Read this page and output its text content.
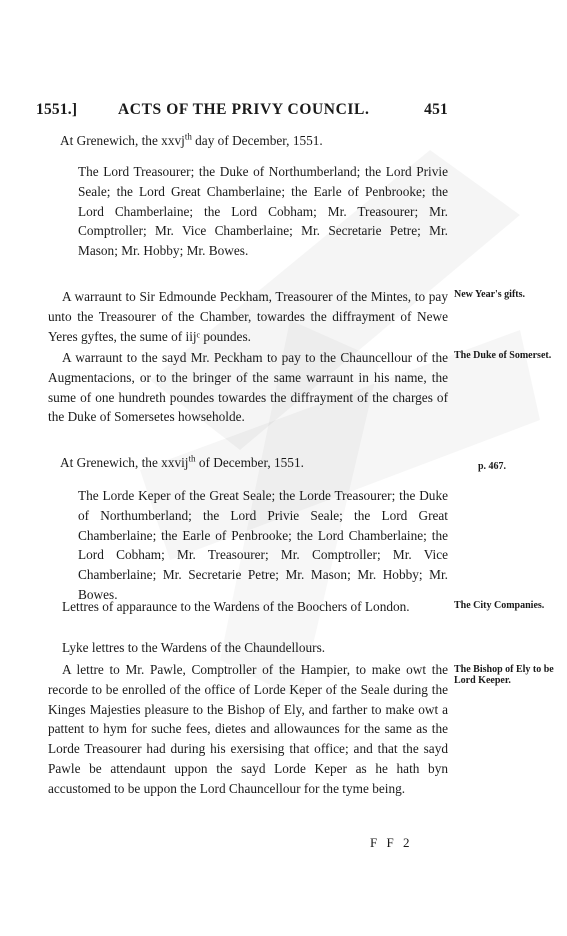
1551.]	ACTS OF THE PRIVY COUNCIL.	451
At Grenewich, the xxvj$^{th}$ day of December, 1551.
The Lord Treasourer; the Duke of Northumberland; the Lord Privie Seale; the Lord Great Chamberlaine; the Earle of Penbrooke; the Lord Chamberlaine; the Lord Cobham; Mr. Treasourer; Mr. Comptroller; Mr. Vice Chamberlaine; Mr. Secretarie Petre; Mr. Mason; Mr. Hobby; Mr. Bowes.
A warraunt to Sir Edmounde Peckham, Treasourer of the Mintes, to pay unto the Treasourer of the Chamber, towardes the diffrayment of Newe Yeres gyftes, the sume of iijᶜ poundes.
New Year's gifts.
A warraunt to the sayd Mr. Peckham to pay to the Chauncellour of the Augmentacions, or to the bringer of the same warraunt in his name, the sume of one hundreth poundes towardes the diffrayment of the charges of the Duke of Somersetes howseholde.
The Duke of Somerset.
At Grenewich, the xxvij$^{th}$ of December, 1551.	p. 467.
The Lorde Keper of the Great Seale; the Lorde Treasourer; the Duke of Northumberland; the Lord Privie Seale; the Lord Great Chamberlaine; the Earle of Penbrooke; the Lord Chamberlaine; the Lord Cobham; Mr. Treasourer; Mr. Comptroller; Mr. Vice Chamberlaine; Mr. Secretarie Petre; Mr. Mason; Mr. Hobby; Mr. Bowes.
Lettres of apparaunce to the Wardens of the Boochers of London.	The City Companies.
Lyke lettres to the Wardens of the Chaundellours.
A lettre to Mr. Pawle, Comptroller of the Hampier, to make owt the recorde to be enrolled of the office of Lorde Keper of the Seale during the Kinges Majesties pleasure to the Bishop of Ely, and farther to make owt a pattent to hym for suche fees, dietes and allowaunces for the same as the Lorde Treasourer had during his exersising that office; and that the sayd Pawle be attendaunt uppon the sayd Lorde Keper as he hath byn accustomed to be uppon the Lord Chauncellour for the tyme being.
The Bishop of Ely to be Lord Keeper.
F F 2
